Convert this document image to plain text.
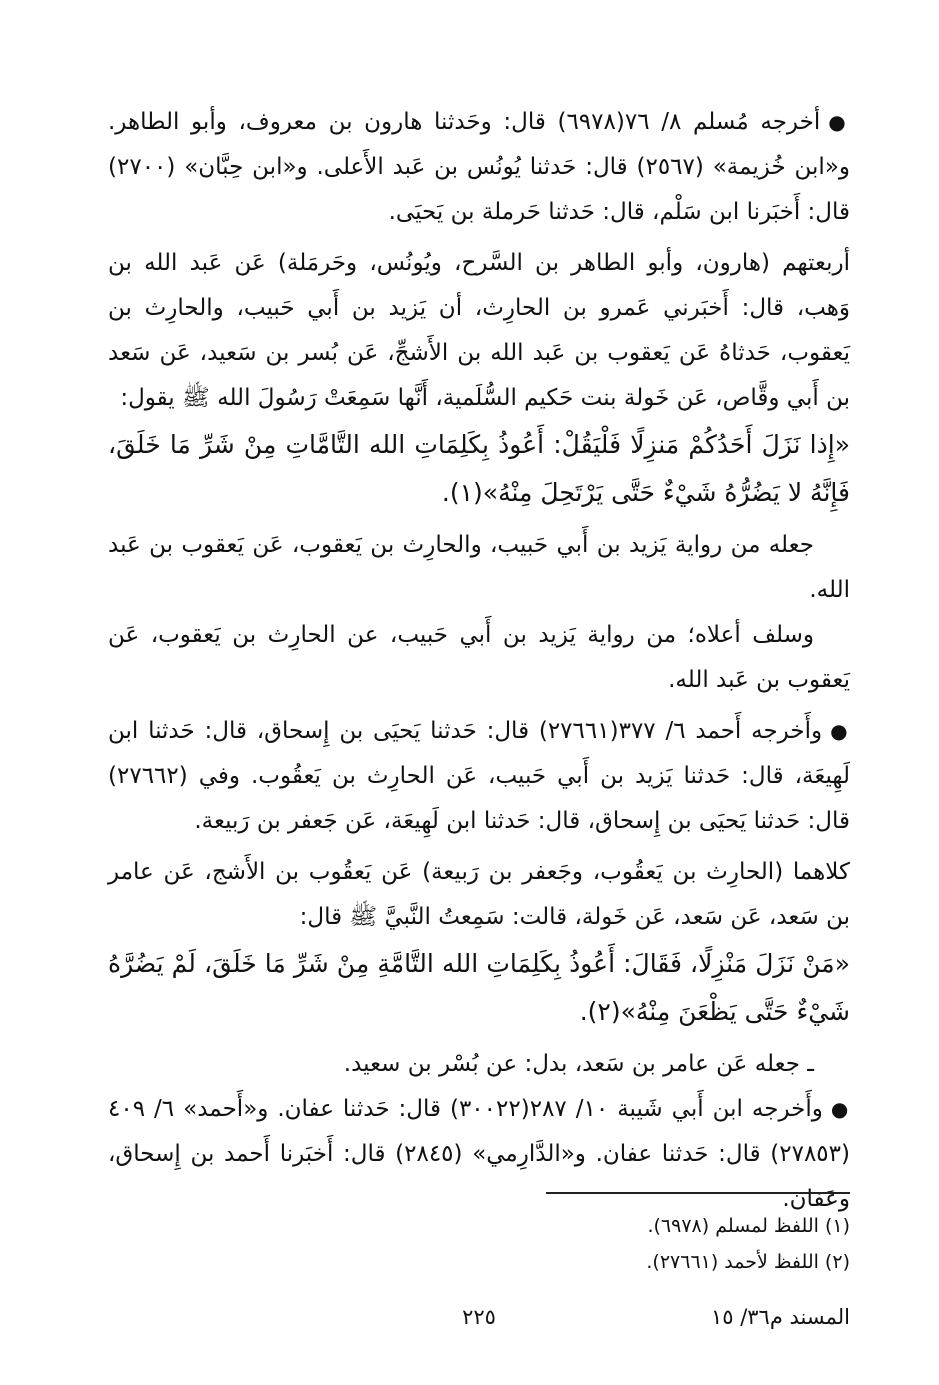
●أخرجه مُسلم ٨/ ٧٦(٦٩٧٨) قال: وحَدثنا هارون بن معروف، وأبو الطاهر. و«ابن خُزيمة» (٢٥٦٧) قال: حَدثنا يُونُس بن عَبد الأَعلى. و«ابن حِبَّان» (٢٧٠٠) قال: أَخبَرنا ابن سَلْم، قال: حَدثنا حَرملة بن يَحيَى.

أربعتهم (هارون، وأبو الطاهر بن السَّرح، ويُونُس، وحَرمَلة) عَن عَبد الله بن وَهب، قال: أَخبَرني عَمرو بن الحارِث، أن يَزيد بن أَبي حَبيب، والحارِث بن يَعقوب، حَدثاهُ عَن يَعقوب بن عَبد الله بن الأَشجِّ، عَن بُسر بن سَعيد، عَن سَعد بن أَبي وقَّاص، عَن خَولة بنت حَكيم السُّلَمية، أَنَّها سَمِعَتْ رَسُولَ الله ﷺ يقول:

«إِذا نَزَلَ أَحَدُكُمْ مَنزِلًا فَلْيَقُلْ: أَعُوذُ بِكَلِمَاتِ الله التَّامَّاتِ مِنْ شَرِّ مَا خَلَقَ، فَإِنَّهُ لا يَضُرُّهُ شَيْءٌ حَتَّى يَرْتَحِلَ مِنْهُ»(١).

جعله من رواية يَزيد بن أَبي حَبيب، والحارِث بن يَعقوب، عَن يَعقوب بن عَبد الله.

وسلف أعلاه؛ من رواية يَزيد بن أَبي حَبيب، عن الحارِث بن يَعقوب، عَن يَعقوب بن عَبد الله.

●وأَخرجه أَحمد ٦/ ٣٧٧(٢٧٦٦١) قال: حَدثنا يَحيَى بن إِسحاق، قال: حَدثنا ابن لَهِيعَة، قال: حَدثنا يَزيد بن أَبي حَبيب، عَن الحارِث بن يَعقُوب. وفي (٢٧٦٦٢) قال: حَدثنا يَحيَى بن إِسحاق، قال: حَدثنا ابن لَهِيعَة، عَن جَعفر بن رَبيعة.

كلاهما (الحارِث بن يَعقُوب، وجَعفر بن رَبيعة) عَن يَعقُوب بن الأَشج، عَن عامر بن سَعد، عَن سَعد، عَن خَولة، قالت: سَمِعتُ النَّبيَّ ﷺ قال:

«مَنْ نَزَلَ مَنْزِلًا، فَقَالَ: أَعُوذُ بِكَلِمَاتِ الله التَّامَّةِ مِنْ شَرِّ مَا خَلَقَ، لَمْ يَضُرَّهُ شَيْءٌ حَتَّى يَظْعَنَ مِنْهُ»(٢).

ـ جعله عَن عامر بن سَعد، بدل: عن بُسْر بن سعيد.

●وأَخرجه ابن أَبي شَيبة ١٠/ ٢٨٧(٣٠٠٢٢) قال: حَدثنا عفان. و«أَحمد» ٦/ ٤٠٩ (٢٧٨٥٣) قال: حَدثنا عفان. و«الدَّارِمي» (٢٨٤٥) قال: أَخبَرنا أَحمد بن إِسحاق، وعَفان.

(١) اللفظ لمسلم (٦٩٧٨).

(٢) اللفظ لأحمد (٢٧٦٦١).

المسند م٣٦/ ١٥
٢٢٥
